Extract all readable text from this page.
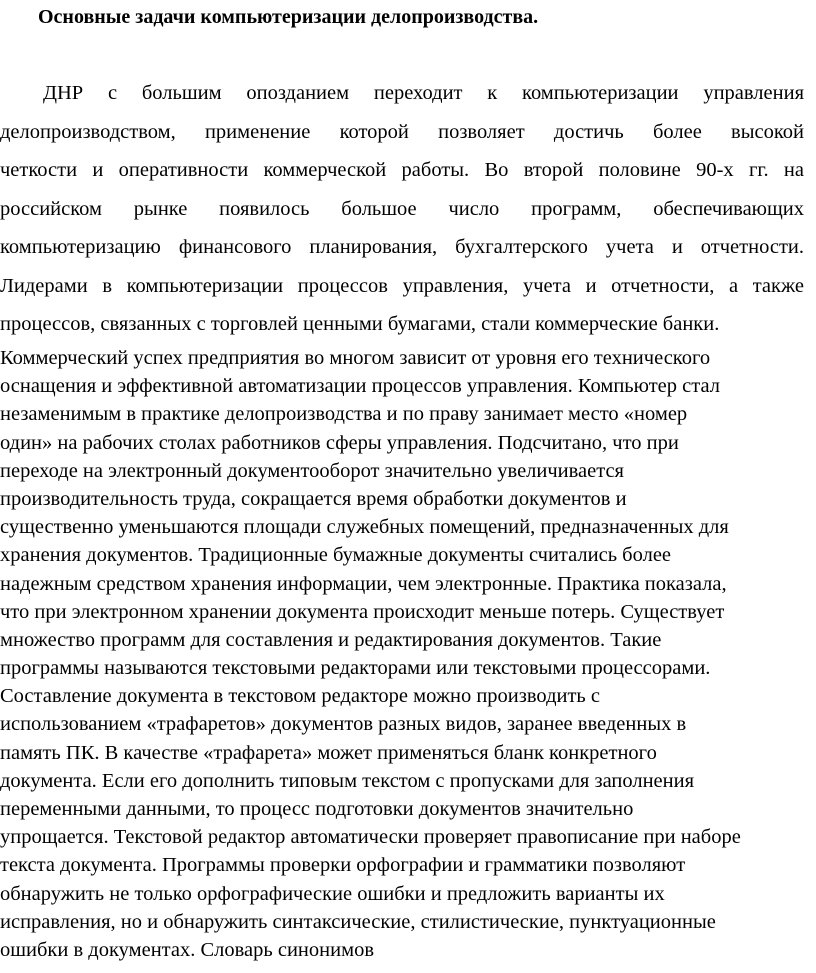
Основные задачи компьютеризации делопроизводства.
ДНР с большим опозданием переходит к компьютеризации управления
делопроизводством, применение которой позволяет достичь более высокой
четкости и оперативности коммерческой работы. Во второй половине 90-х гг. на
российском рынке появилось большое число программ, обеспечивающих
компьютеризацию финансового планирования, бухгалтерского учета и отчетности.
Лидерами в компьютеризации процессов управления, учета и отчетности, а также
процессов, связанных с торговлей ценными бумагами, стали коммерческие банки.
Коммерческий успех предприятия во многом зависит от уровня его технического
оснащения и эффективной автоматизации процессов управления. Компьютер стал
незаменимым в практике делопроизводства и по праву занимает место «номер
один» на рабочих столах работников сферы управления. Подсчитано, что при
переходе на электронный документооборот значительно увеличивается
производительность труда, сокращается время обработки документов и
существенно уменьшаются площади служебных помещений, предназначенных для
хранения документов. Традиционные бумажные документы считались более
надежным средством хранения информации, чем электронные. Практика показала,
что при электронном хранении документа происходит меньше потерь. Существует
множество программ для составления и редактирования документов. Такие
программы называются текстовыми редакторами или текстовыми процессорами.
Составление документа в текстовом редакторе можно производить с
использованием «трафаретов» документов разных видов, заранее введенных в
память ПК. В качестве «трафарета» может применяться бланк конкретного
документа. Если его дополнить типовым текстом с пропусками для заполнения
переменными данными, то процесс подготовки документов значительно
упрощается. Текстовой редактор автоматически проверяет правописание при наборе
текста документа. Программы проверки орфографии и грамматики позволяют
обнаружить не только орфографические ошибки и предложить варианты их
исправления, но и обнаружить синтаксические, стилистические, пунктуационные
ошибки в документах. Словарь синонимов
